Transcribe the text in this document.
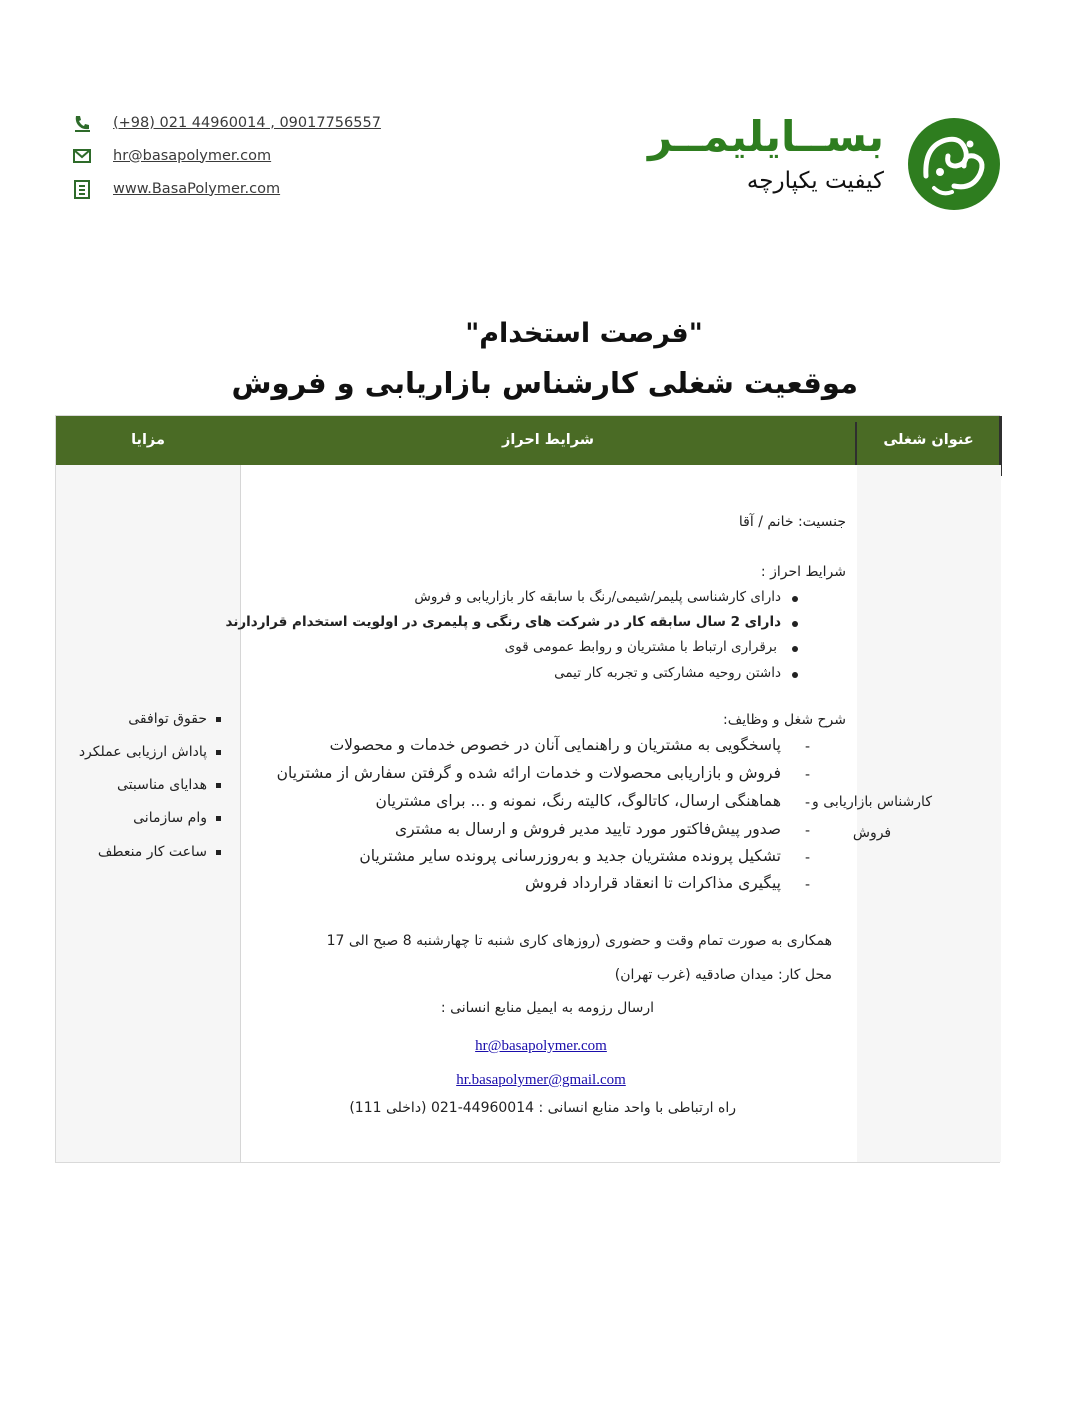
(+98) 021 44960014 , 09017756557
hr@basapolymer.com
www.BasaPolymer.com
بســایلیمــر
کیفیت یکپارچه
"فرصت استخدام"
موقعیت شغلی کارشناس بازاریابی و فروش
عنوان شغلی
شرایط احراز
مزایا
کارشناس بازاریابی و
فروش
جنسیت: خانم / آقا
شرایط احراز :
دارای کارشناسی پلیمر/شیمی/رنگ با سابقه کار بازاریابی و فروش
دارای 2 سال سابقه کار در شرکت های رنگی و پلیمری در اولویت استخدام قراردارند
برقراری ارتباط با مشتریان و روابط عمومی قوی
داشتن روحیه مشارکتی و تجربه کار تیمی
شرح شغل و وظایف:
پاسخگویی به مشتریان و راهنمایی آنان در خصوص خدمات و محصولات -
فروش و بازاریابی محصولات و خدمات ارائه شده و گرفتن سفارش از مشتریان -
هماهنگی ارسال، کاتالوگ، کالیته رنگ، نمونه و ... برای مشتریان -
صدور پیش‌فاکتور مورد تایید مدیر فروش و ارسال به مشتری -
تشکیل پرونده مشتریان جدید و به‌روزرسانی پرونده سایر مشتریان -
پیگیری مذاکرات تا انعقاد قرارداد فروش -
همکاری به صورت تمام وقت و حضوری (روزهای کاری شنبه تا چهارشنبه 8 صبح الی 17
محل کار: میدان صادقیه (غرب تهران)
ارسال رزومه به ایمیل منابع انسانی :
hr@basapolymer.com
hr.basapolymer@gmail.com
راه ارتباطی با واحد منابع انسانی : 44960014-021 (داخلی 111)
حقوق توافقی
پاداش ارزیابی عملکرد
هدایای مناسبتی
وام سازمانی
ساعت کار منعطف
